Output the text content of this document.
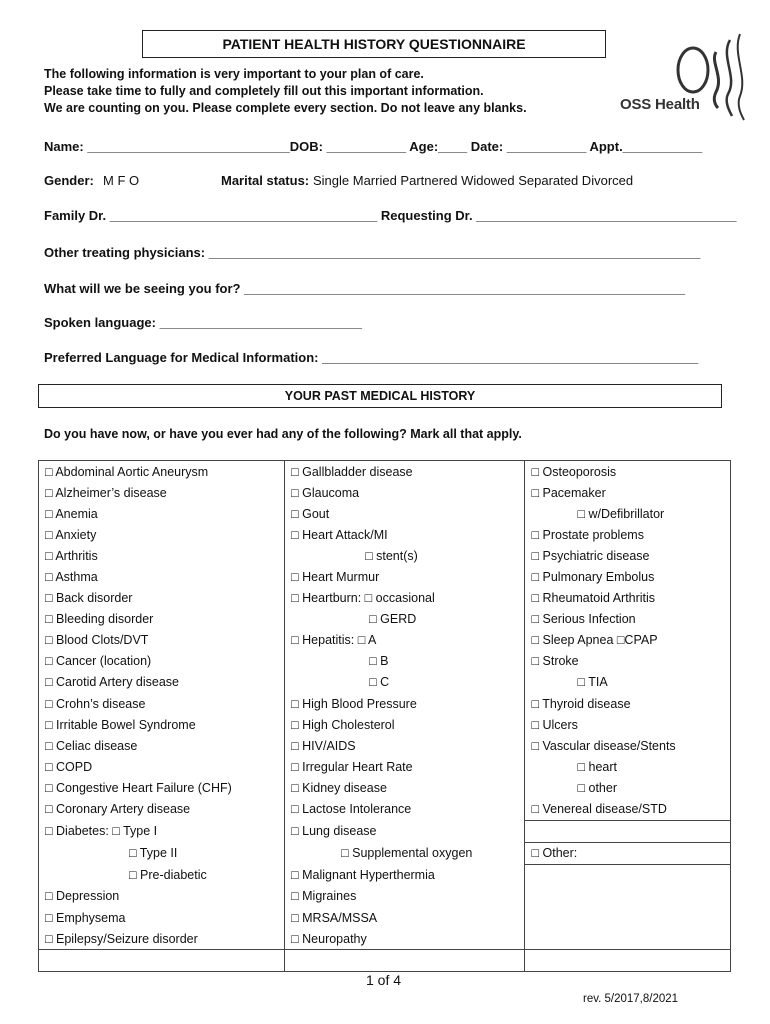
PATIENT HEALTH HISTORY QUESTIONNAIRE
The following information is very important to your plan of care.
Please take time to fully and completely fill out this important information.
We are counting on you. Please complete every section. Do not leave any blanks.	OSS Health
Name: ____________________________DOB: ___________ Age:____ Date: ___________ Appt.___________
Gender: M F O	Marital status: Single Married Partnered Widowed Separated Divorced
Family Dr. _____________________________________ Requesting Dr. ____________________________________
Other treating physicians: ____________________________________________________________________
What will we be seeing you for? _____________________________________________________________
Spoken language: ____________________________
Preferred Language for Medical Information: ____________________________________________________
YOUR PAST MEDICAL HISTORY
Do you have now, or have you ever had any of the following? Mark all that apply.
□ Abdominal Aortic Aneurysm	□ Gallbladder disease	□ Osteoporosis
□ Alzheimer’s disease	□ Glaucoma	□ Pacemaker
□ Anemia	□ Gout	□ w/Defibrillator
□ Anxiety	□ Heart Attack/MI	□ Prostate problems
□ Arthritis	□ stent(s)	□ Psychiatric disease
□ Asthma	□ Heart Murmur	□ Pulmonary Embolus
□ Back disorder	□ Heartburn: □ occasional	□ Rheumatoid Arthritis
□ Bleeding disorder	□ GERD	□ Serious Infection
□ Blood Clots/DVT	□ Hepatitis: □ A	□ Sleep Apnea □CPAP
□ Cancer (location)	□ B	□ Stroke
□ Carotid Artery disease	□ C	□ TIA
□ Crohn’s disease	□ High Blood Pressure	□ Thyroid disease
□ Irritable Bowel Syndrome	□ High Cholesterol	□ Ulcers
□ Celiac disease	□ HIV/AIDS	□ Vascular disease/Stents
□ COPD	□ Irregular Heart Rate	□ heart
□ Congestive Heart Failure (CHF)	□ Kidney disease	□ other
□ Coronary Artery disease	□ Lactose Intolerance	□ Venereal disease/STD
□ Diabetes: □ Type I	□ Lung disease	
□ Type II	□ Supplemental oxygen	□ Other:
□ Pre-diabetic	□ Malignant Hyperthermia	
□ Depression	□ Migraines	
□ Emphysema	□ MRSA/MSSA	
□ Epilepsy/Seizure disorder	□ Neuropathy	

1 of 4
rev. 5/2017,8/2021
